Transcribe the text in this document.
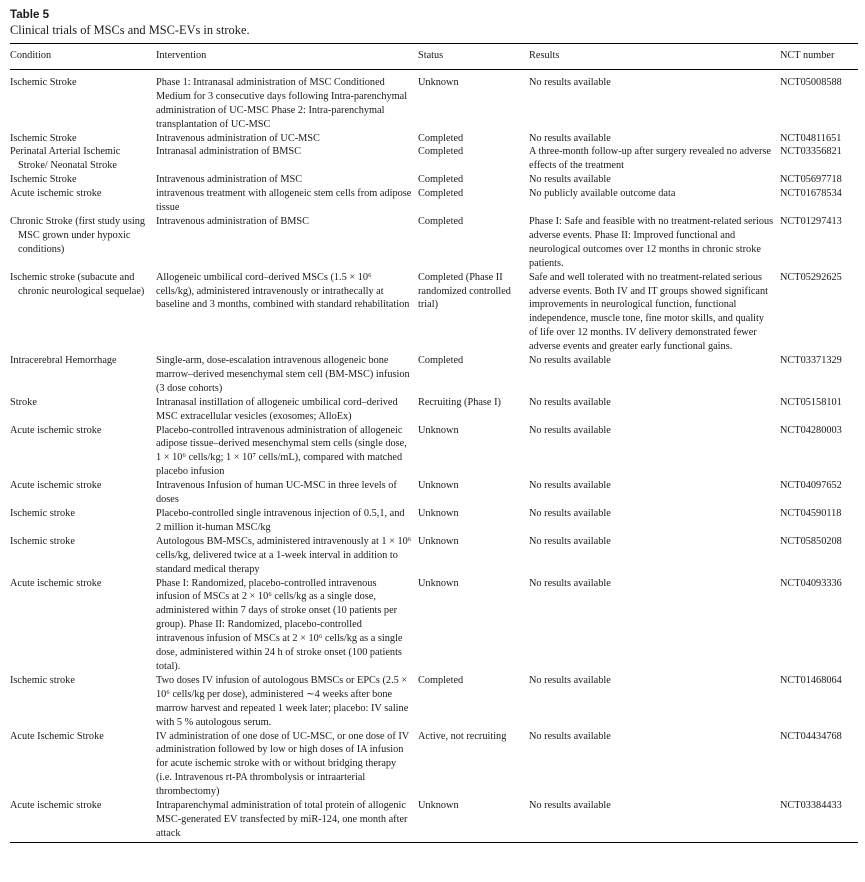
Table 5
Clinical trials of MSCs and MSC-EVs in stroke.
Condition	Intervention	Status	Results	NCT number
Ischemic Stroke	Phase 1: Intranasal administration of MSC Conditioned Medium for 3 consecutive days following Intra-parenchymal administration of UC-MSC Phase 2: Intra-parenchymal transplantation of UC-MSC	Unknown	No results available	NCT05008588
Ischemic Stroke	Intravenous administration of UC-MSC	Completed	No results available	NCT04811651
Perinatal Arterial Ischemic Stroke/ Neonatal Stroke	Intranasal administration of BMSC	Completed	A three-month follow-up after surgery revealed no adverse effects of the treatment	NCT03356821
Ischemic Stroke	Intravenous administration of MSC	Completed	No results available	NCT05697718
Acute ischemic stroke	intravenous treatment with allogeneic stem cells from adipose tissue	Completed	No publicly available outcome data	NCT01678534
Chronic Stroke (first study using MSC grown under hypoxic conditions)	Intravenous administration of BMSC	Completed	Phase I: Safe and feasible with no treatment-related serious adverse events. Phase II: Improved functional and neurological outcomes over 12 months in chronic stroke patients.	NCT01297413
Ischemic stroke (subacute and chronic neurological sequelae)	Allogeneic umbilical cord–derived MSCs (1.5 × 10⁶ cells/kg), administered intravenously or intrathecally at baseline and 3 months, combined with standard rehabilitation	Completed (Phase II randomized controlled trial)	Safe and well tolerated with no treatment-related serious adverse events. Both IV and IT groups showed significant improvements in neurological function, functional independence, muscle tone, fine motor skills, and quality of life over 12 months. IV delivery demonstrated fewer adverse events and greater early functional gains.	NCT05292625
Intracerebral Hemorrhage	Single-arm, dose-escalation intravenous allogeneic bone marrow–derived mesenchymal stem cell (BM-MSC) infusion (3 dose cohorts)	Completed	No results available	NCT03371329
Stroke	Intranasal instillation of allogeneic umbilical cord–derived MSC extracellular vesicles (exosomes; AlloEx)	Recruiting (Phase I)	No results available	NCT05158101
Acute ischemic stroke	Placebo-controlled intravenous administration of allogeneic adipose tissue–derived mesenchymal stem cells (single dose, 1 × 10⁶ cells/kg; 1 × 10⁷ cells/mL), compared with matched placebo infusion	Unknown	No results available	NCT04280003
Acute ischemic stroke	Intravenous Infusion of human UC-MSC in three levels of doses	Unknown	No results available	NCT04097652
Ischemic stroke	Placebo-controlled single intravenous injection of 0.5,1, and 2 million it-human MSC/kg	Unknown	No results available	NCT04590118
Ischemic stroke	Autologous BM-MSCs, administered intravenously at 1 × 10⁶ cells/kg, delivered twice at a 1-week interval in addition to standard medical therapy	Unknown	No results available	NCT05850208
Acute ischemic stroke	Phase I: Randomized, placebo-controlled intravenous infusion of MSCs at 2 × 10⁶ cells/kg as a single dose, administered within 7 days of stroke onset (10 patients per group). Phase II: Randomized, placebo-controlled intravenous infusion of MSCs at 2 × 10⁶ cells/kg as a single dose, administered within 24 h of stroke onset (100 patients total).	Unknown	No results available	NCT04093336
Ischemic stroke	Two doses IV infusion of autologous BMSCs or EPCs (2.5 × 10⁶ cells/kg per dose), administered ∼4 weeks after bone marrow harvest and repeated 1 week later; placebo: IV saline with 5 % autologous serum.	Completed	No results available	NCT01468064
Acute Ischemic Stroke	IV administration of one dose of UC-MSC, or one dose of IV administration followed by low or high doses of IA infusion for acute ischemic stroke with or without bridging therapy (i.e. Intravenous rt-PA thrombolysis or intraarterial thrombectomy)	Active, not recruiting	No results available	NCT04434768
Acute ischemic stroke	Intraparenchymal administration of total protein of allogenic MSC-generated EV transfected by miR-124, one month after attack	Unknown	No results available	NCT03384433
